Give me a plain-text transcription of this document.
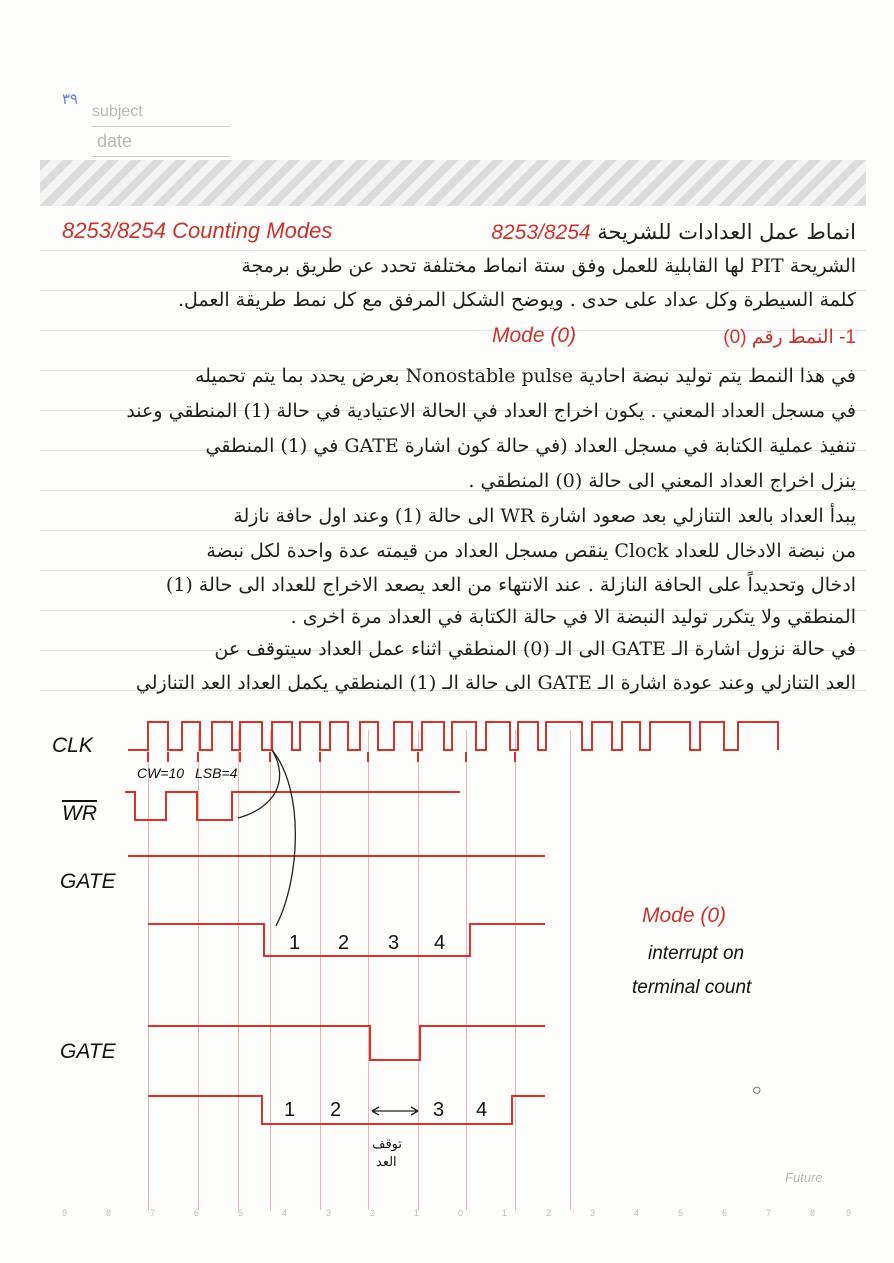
٣٩
subject
date
8253/8254 Counting Modes	انماط عمل العدادات للشريحة 8253/8254
الشريحة PIT لها القابلية للعمل وفق ستة انماط مختلفة تحدد عن طريق برمجة
كلمة السيطرة وكل عداد على حدى . ويوضح الشكل المرفق مع كل نمط طريقة العمل.
Mode (0)	1- النمط رقم (0)
في هذا النمط يتم توليد نبضة احادية Nonostable pulse بعرض يحدد بما يتم تحميله
في مسجل العداد المعني . يكون اخراج العداد في الحالة الاعتيادية في حالة (1) المنطقي وعند
تنفيذ عملية الكتابة في مسجل العداد (في حالة كون اشارة GATE في (1) المنطقي
ينزل اخراج العداد المعني الى حالة (0) المنطقي .
يبدأ العداد بالعد التنازلي بعد صعود اشارة WR الى حالة (1) وعند اول حافة نازلة
من نبضة الادخال للعداد Clock ينقص مسجل العداد من قيمته عدة واحدة لكل نبضة
ادخال وتحديداً على الحافة النازلة . عند الانتهاء من العد يصعد الاخراج للعداد الى حالة (1)
المنطقي ولا يتكرر توليد النبضة الا في حالة الكتابة في العداد مرة اخرى .
في حالة نزول اشارة الـ GATE الى الـ (0) المنطقي اثناء عمل العداد سيتوقف عن
العد التنازلي وعند عودة اشارة الـ GATE الى حالة الـ (1) المنطقي يكمل العداد العد التنازلي
CLK
$\overline{WR}$
GATE
GATE
CW=10 LSB=4
1 2 3 4
1 2	3 4
توقف
العد
Mode (0)
interrupt on
terminal count
○
Future
9	8	7	6	5	4	3	2	1	0	1	2	3	4	5	6	7	8	9
